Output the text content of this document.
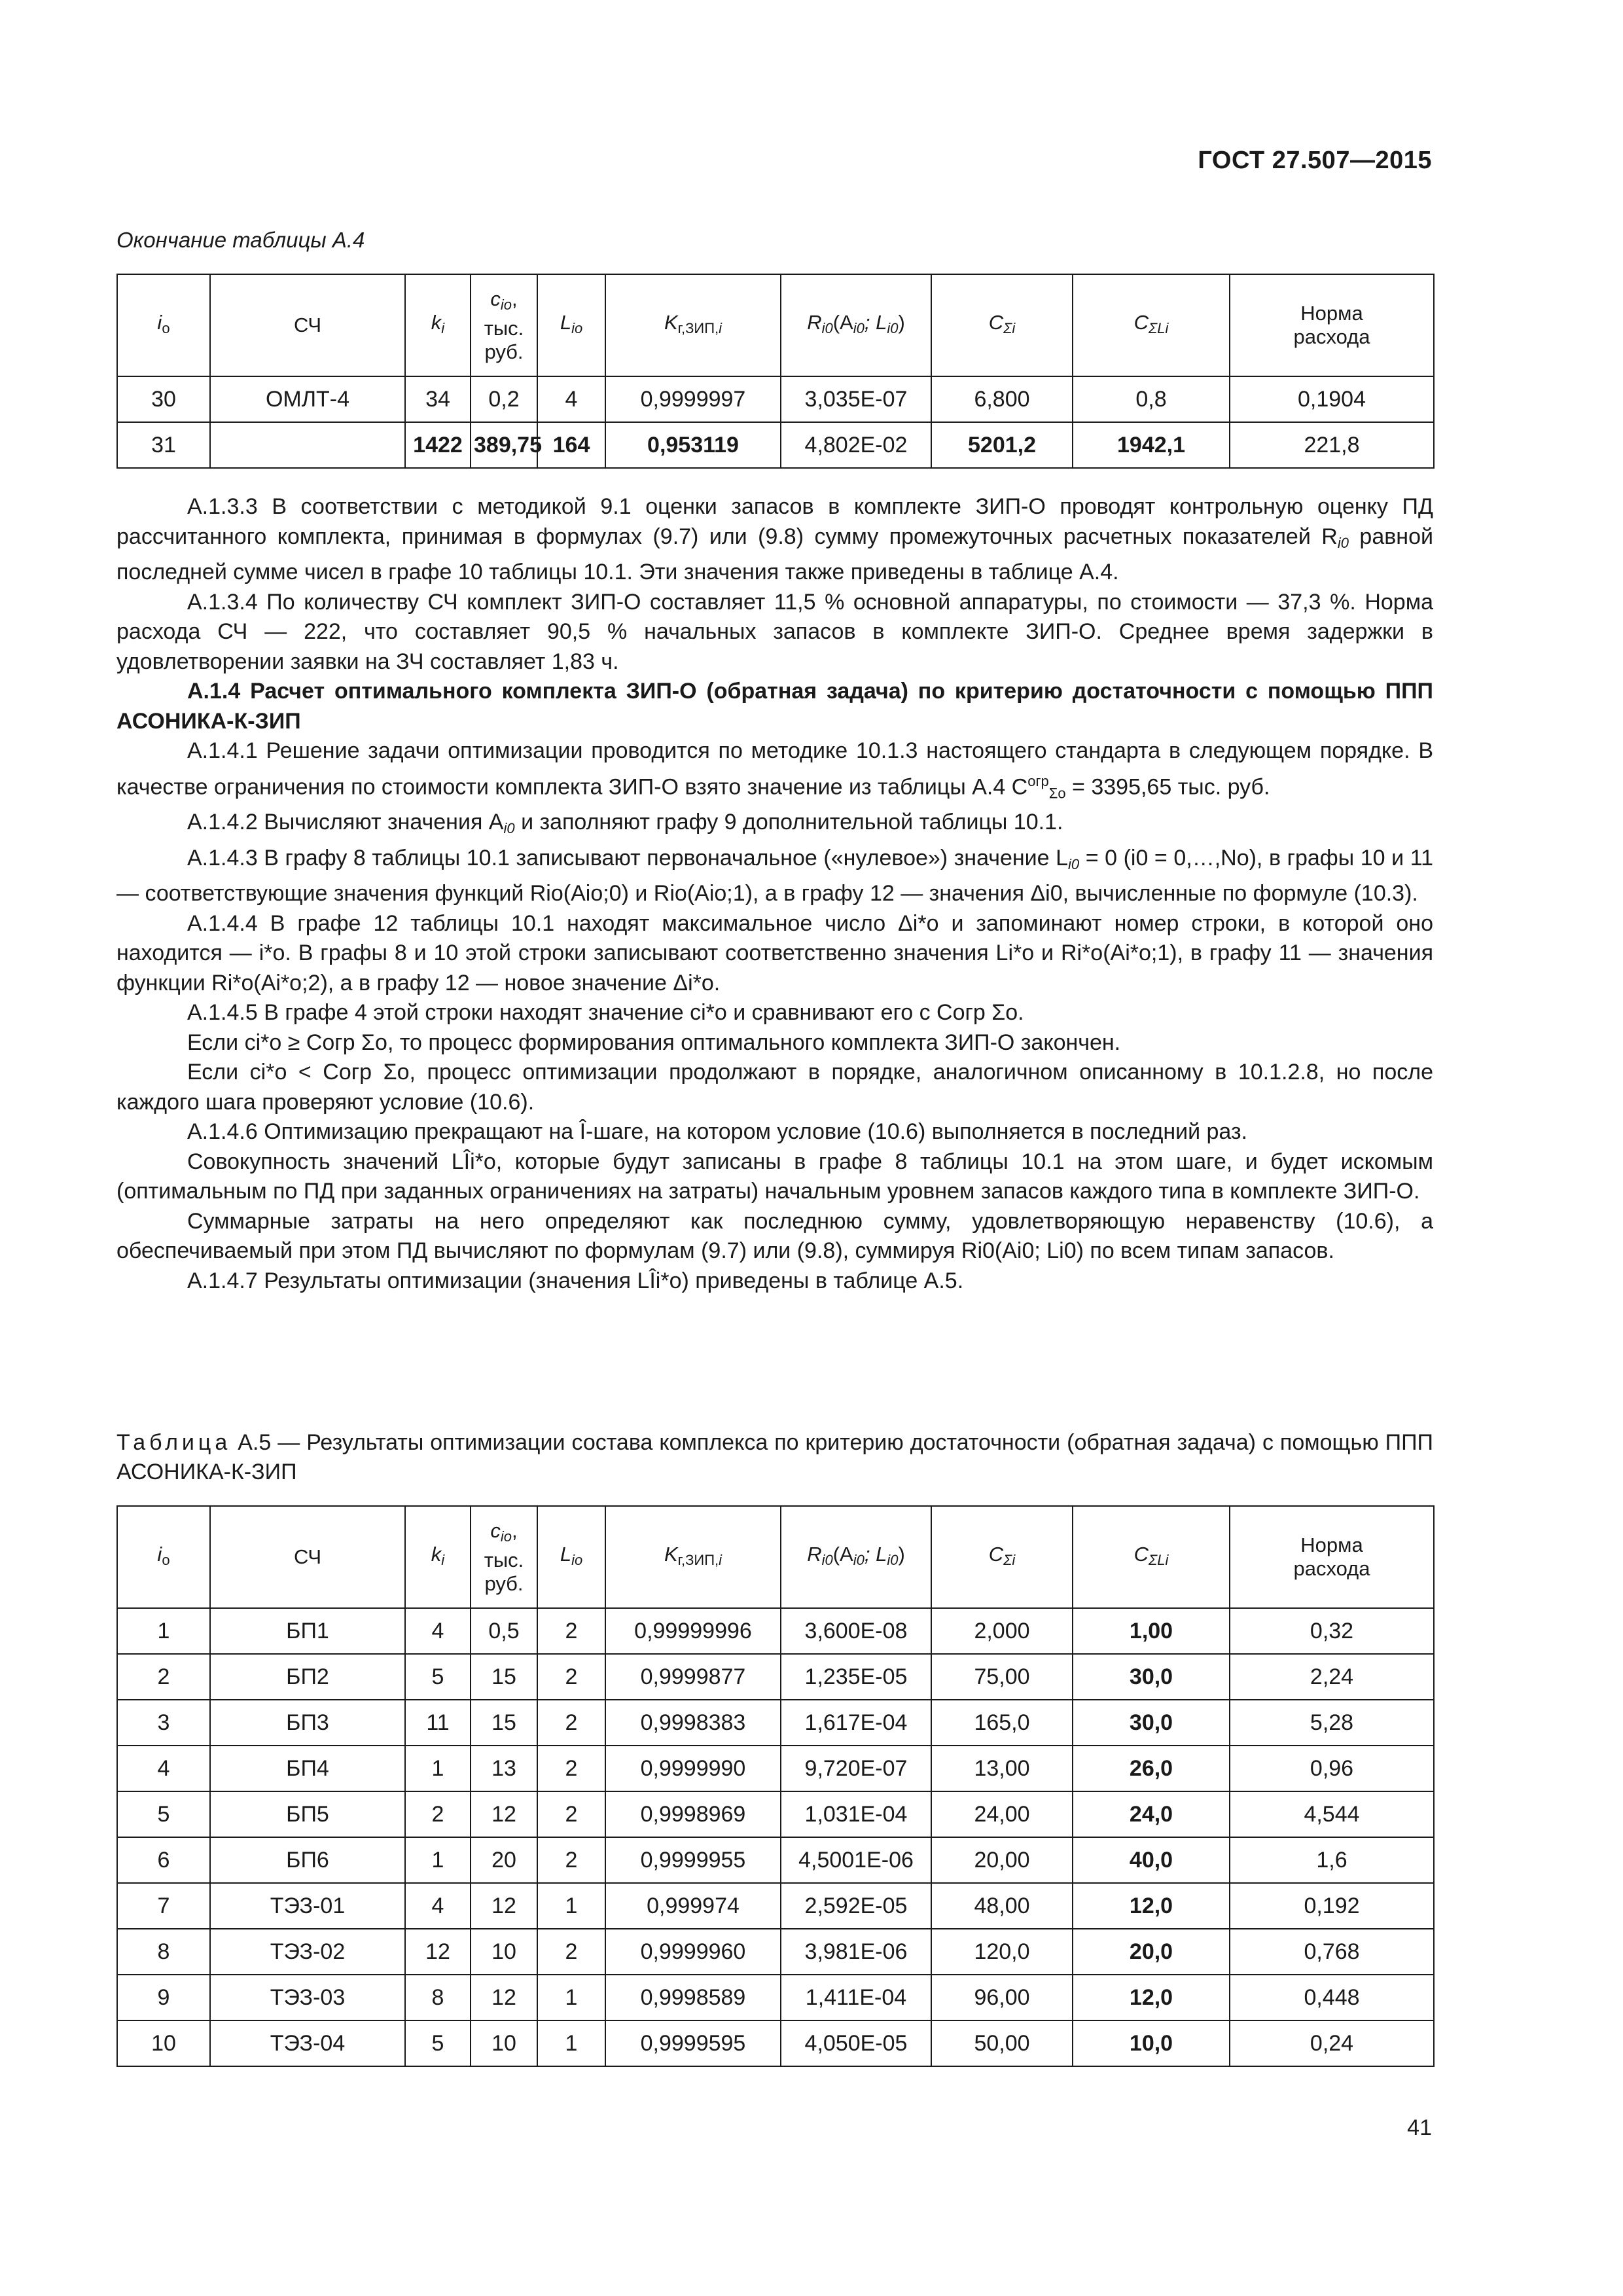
ГОСТ 27.507—2015
Окончание таблицы А.4
$i_о$	СЧ	$k_i$	$c_{io}$,
тыс.
руб.	$L_{io}$	$K_{г,ЗИП,i}$	$R_{i0}(A_{i0}$; $L_{i0}$)	$C_{\Sigma i}$	$C_{\Sigma Li}$	Норма
расхода
30	ОМЛТ-4	34	0,2	4	0,9999997	3,035E-07	6,800	0,8	0,1904
31		1422	389,75	164	0,953119	4,802E-02	5201,2	1942,1	221,8

А.1.3.3 В соответствии с методикой 9.1 оценки запасов в комплекте ЗИП-О проводят контрольную оценку ПД рассчитанного комплекта, принимая в формулах (9.7) или (9.8) сумму промежуточных расчетных показателей $R_{i0}$ равной последней сумме чисел в графе 10 таблицы 10.1. Эти значения также приведены в таблице А.4.

А.1.3.4 По количеству СЧ комплект ЗИП-О составляет 11,5 % основной аппаратуры, по стоимости — 37,3 %. Норма расхода СЧ — 222, что составляет 90,5 % начальных запасов в комплекте ЗИП-О. Среднее время задержки в удовлетворении заявки на ЗЧ составляет 1,83 ч.

А.1.4 Расчет оптимального комплекта ЗИП-О (обратная задача) по критерию достаточности с помощью ППП АСОНИКА-К-ЗИП

А.1.4.1 Решение задачи оптимизации проводится по методике 10.1.3 настоящего стандарта в следующем порядке. В качестве ограничения по стоимости комплекта ЗИП-О взято значение из таблицы А.4 $C^{огр}_{\Sigma о} = 3395,65$ тыс. руб.

А.1.4.2 Вычисляют значения $A_{i0}$ и заполняют графу 9 дополнительной таблицы 10.1.

А.1.4.3 В графу 8 таблицы 10.1 записывают первоначальное («нулевое») значение $L_{i0} = 0$ (i0 = 0,…,Nо), в графы 10 и 11 — соответствующие значения функций Rio(Aio;0) и Rio(Aio;1), а в графу 12 — значения Δi0, вычисленные по формуле (10.3).

А.1.4.4 В графе 12 таблицы 10.1 находят максимальное число Δi*о и запоминают номер строки, в которой оно находится — i*о. В графы 8 и 10 этой строки записывают соответственно значения Li*о и Ri*о(Ai*о;1), в графу 11 — значения функции Ri*о(Ai*о;2), а в графу 12 — новое значение Δi*о.

А.1.4.5 В графе 4 этой строки находят значение ci*о и сравнивают его с Cогр Σо.

Если ci*о ≥ Cогр Σо, то процесс формирования оптимального комплекта ЗИП-О закончен.

Если ci*о < Cогр Σо, процесс оптимизации продолжают в порядке, аналогичном описанному в 10.1.2.8, но после каждого шага проверяют условие (10.6).

А.1.4.6 Оптимизацию прекращают на Î-шаге, на котором условие (10.6) выполняется в последний раз.

Совокупность значений LÎi*о, которые будут записаны в графе 8 таблицы 10.1 на этом шаге, и будет искомым (оптимальным по ПД при заданных ограничениях на затраты) начальным уровнем запасов каждого типа в комплекте ЗИП-О.

Суммарные затраты на него определяют как последнюю сумму, удовлетворяющую неравенству (10.6), а обеспечиваемый при этом ПД вычисляют по формулам (9.7) или (9.8), суммируя Ri0(Ai0; Li0) по всем типам запасов.

А.1.4.7 Результаты оптимизации (значения LÎi*о) приведены в таблице А.5.

Таблица А.5 — Результаты оптимизации состава комплекса по критерию достаточности (обратная задача) с помощью ППП АСОНИКА-К-ЗИП
$i_о$	СЧ	$k_i$	$c_{io}$,
тыс.
руб.	$L_{io}$	$K_{г,ЗИП,i}$	$R_{i0}(A_{i0}$; $L_{i0}$)	$C_{\Sigma i}$	$C_{\Sigma Li}$	Норма
расхода
1	БП1	4	0,5	2	0,99999996	3,600E-08	2,000	1,00	0,32
2	БП2	5	15	2	0,9999877	1,235E-05	75,00	30,0	2,24
3	БП3	11	15	2	0,9998383	1,617E-04	165,0	30,0	5,28
4	БП4	1	13	2	0,9999990	9,720E-07	13,00	26,0	0,96
5	БП5	2	12	2	0,9998969	1,031E-04	24,00	24,0	4,544
6	БП6	1	20	2	0,9999955	4,5001E-06	20,00	40,0	1,6
7	ТЭЗ-01	4	12	1	0,999974	2,592E-05	48,00	12,0	0,192
8	ТЭЗ-02	12	10	2	0,9999960	3,981E-06	120,0	20,0	0,768
9	ТЭЗ-03	8	12	1	0,9998589	1,411E-04	96,00	12,0	0,448
10	ТЭЗ-04	5	10	1	0,9999595	4,050E-05	50,00	10,0	0,24
41
